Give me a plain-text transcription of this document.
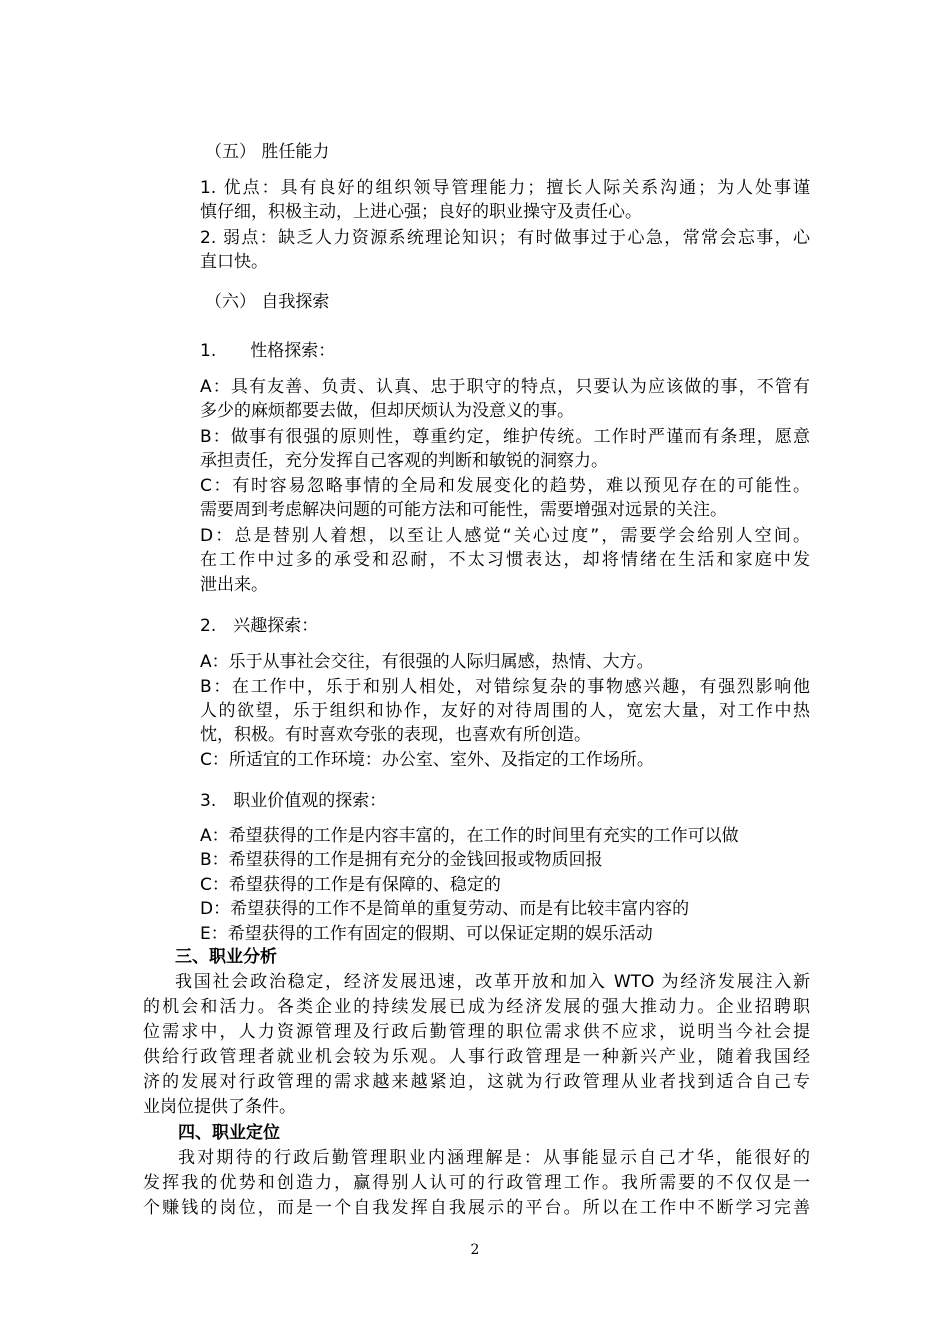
（五） 胜任能力
1. 优点：具有良好的组织领导管理能力；擅长人际关系沟通；为人处事谨
慎仔细，积极主动，上进心强；良好的职业操守及责任心。
2. 弱点：缺乏人力资源系统理论知识；有时做事过于心急，常常会忘事，心
直口快。
（六） 自我探索
1.　　性格探索：
A：具有友善、负责、认真、忠于职守的特点，只要认为应该做的事，不管有
多少的麻烦都要去做，但却厌烦认为没意义的事。
B：做事有很强的原则性，尊重约定，维护传统。工作时严谨而有条理，愿意
承担责任，充分发挥自己客观的判断和敏锐的洞察力。
C：有时容易忽略事情的全局和发展变化的趋势，难以预见存在的可能性。
需要周到考虑解决问题的可能方法和可能性，需要增强对远景的关注。
D：总是替别人着想，以至让人感觉“关心过度”，需要学会给别人空间。
在工作中过多的承受和忍耐，不太习惯表达，却将情绪在生活和家庭中发
泄出来。
2.　兴趣探索：
A：乐于从事社会交往，有很强的人际归属感，热情、大方。
B：在工作中，乐于和别人相处，对错综复杂的事物感兴趣，有强烈影响他
人的欲望，乐于组织和协作，友好的对待周围的人，宽宏大量，对工作中热
忱，积极。有时喜欢夸张的表现，也喜欢有所创造。
C：所适宜的工作环境：办公室、室外、及指定的工作场所。
3.　职业价值观的探索：
A：希望获得的工作是内容丰富的，在工作的时间里有充实的工作可以做
B：希望获得的工作是拥有充分的金钱回报或物质回报
C：希望获得的工作是有保障的、稳定的
D：希望获得的工作不是简单的重复劳动、而是有比较丰富内容的
E：希望获得的工作有固定的假期、可以保证定期的娱乐活动
三、职业分析
我国社会政治稳定，经济发展迅速，改革开放和加入 WTO 为经济发展注入新
的机会和活力。各类企业的持续发展已成为经济发展的强大推动力。企业招聘职
位需求中，人力资源管理及行政后勤管理的职位需求供不应求，说明当今社会提
供给行政管理者就业机会较为乐观。人事行政管理是一种新兴产业，随着我国经
济的发展对行政管理的需求越来越紧迫，这就为行政管理从业者找到适合自己专
业岗位提供了条件。
四、职业定位
我对期待的行政后勤管理职业内涵理解是：从事能显示自己才华，能很好的
发挥我的优势和创造力，赢得别人认可的行政管理工作。我所需要的不仅仅是一
个赚钱的岗位，而是一个自我发挥自我展示的平台。所以在工作中不断学习完善
2
